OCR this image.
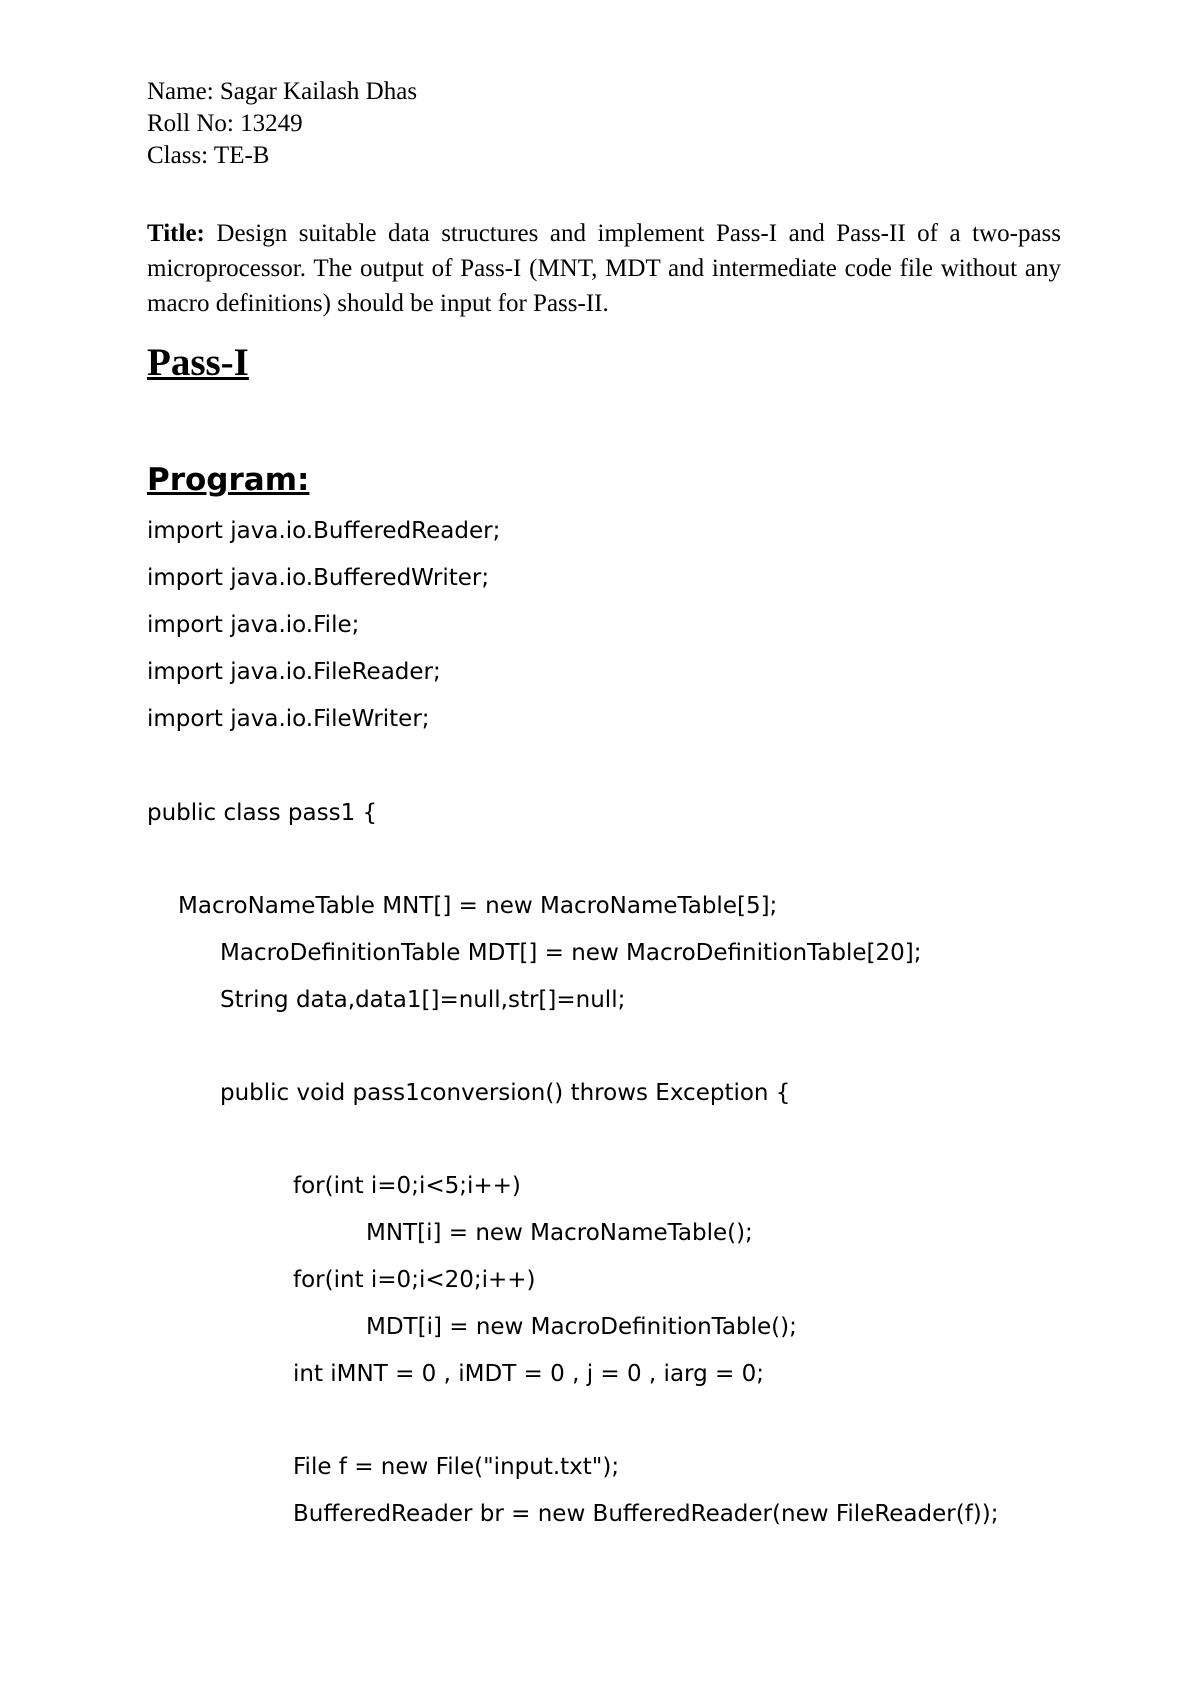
Name: Sagar Kailash Dhas
Roll No: 13249
Class: TE-B
Title: Design suitable data structures and implement Pass-I and Pass-II of a two-pass microprocessor. The output of Pass-I (MNT, MDT and intermediate code file without any macro definitions) should be input for Pass-II.
Pass-I
Program:
import java.io.BufferedReader;
import java.io.BufferedWriter;
import java.io.File;
import java.io.FileReader;
import java.io.FileWriter;
public class pass1 {
MacroNameTable MNT[] = new MacroNameTable[5];
MacroDefinitionTable MDT[] = new MacroDefinitionTable[20];
String data,data1[]=null,str[]=null;
public void pass1conversion() throws Exception {
for(int i=0;i<5;i++)
MNT[i] = new MacroNameTable();
for(int i=0;i<20;i++)
MDT[i] = new MacroDefinitionTable();
int iMNT = 0 , iMDT = 0 , j = 0 , iarg = 0;
File f = new File("input.txt");
BufferedReader br = new BufferedReader(new FileReader(f));
